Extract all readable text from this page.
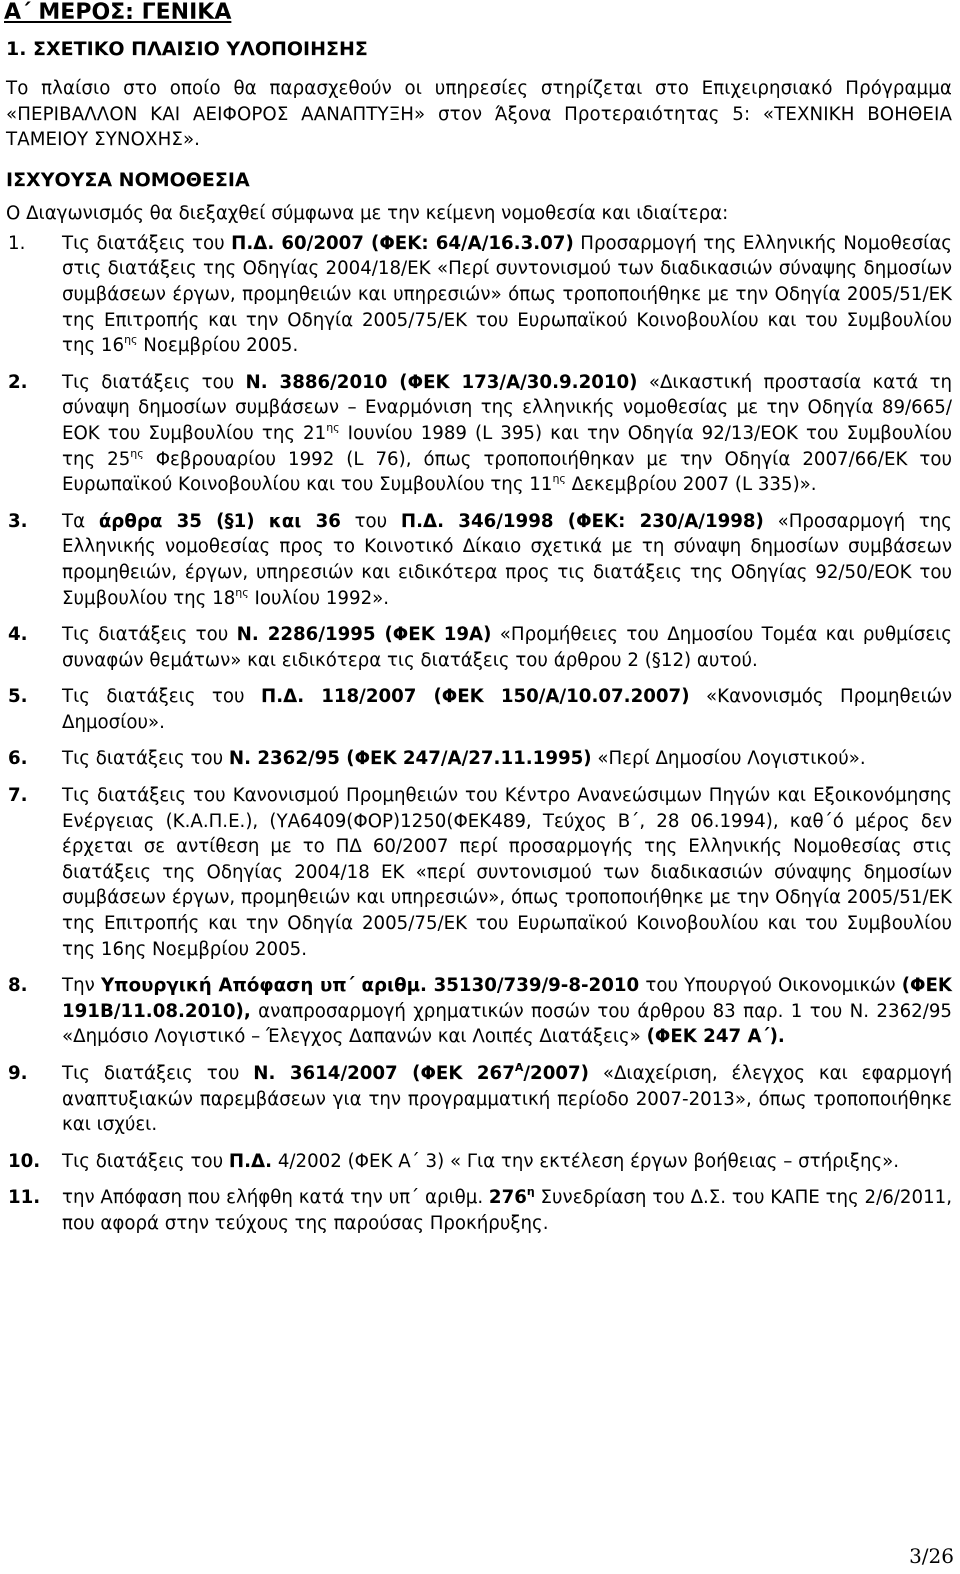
Α΄ ΜΕΡΟΣ: ΓΕΝΙΚΑ
1. ΣΧΕΤΙΚΟ ΠΛΑΙΣΙΟ ΥΛΟΠΟΙΗΣΗΣ

Το πλαίσιο στο οποίο θα παρασχεθούν οι υπηρεσίες στηρίζεται στο Επιχειρησιακό Πρόγραμμα «ΠΕΡΙΒΑΛΛΟΝ ΚΑΙ ΑΕΙΦΟΡΟΣ ΑΑΝΑΠΤΥΞΗ» στον Άξονα Προτεραιότητας 5: «ΤΕΧΝΙΚΗ ΒΟΗΘΕΙΑ ΤΑΜΕΙΟΥ ΣΥΝΟΧΗΣ».

ΙΣΧΥΟΥΣΑ ΝΟΜΟΘΕΣΙΑ

Ο Διαγωνισμός θα διεξαχθεί σύμφωνα με την κείμενη νομοθεσία και ιδιαίτερα:

1. Τις διατάξεις του Π.Δ. 60/2007 (ΦΕΚ: 64/Α/16.3.07) Προσαρμογή της Ελληνικής Νομοθεσίας στις διατάξεις της Οδηγίας 2004/18/ΕΚ «Περί συντονισμού των διαδικασιών σύναψης δημοσίων συμβάσεων έργων, προμηθειών και υπηρεσιών» όπως τροποποιήθηκε με την Οδηγία 2005/51/ΕΚ της Επιτροπής και την Οδηγία 2005/75/ΕΚ του Ευρωπαϊκού Κοινοβουλίου και του Συμβουλίου της $16^{\eta\varsigma}$ Νοεμβρίου 2005.
2. Τις διατάξεις του Ν. 3886/2010 (ΦΕΚ 173/Α/30.9.2010) «Δικαστική προστασία κατά τη σύναψη δημοσίων συμβάσεων – Εναρμόνιση της ελληνικής νομοθεσίας με την Οδηγία 89/665/ΕΟΚ του Συμβουλίου της $21^{\eta\varsigma}$ Ιουνίου 1989 (L 395) και την Οδηγία 92/13/ΕΟΚ του Συμβουλίου της $25^{\eta\varsigma}$ Φεβρουαρίου 1992 (L 76), όπως τροποποιήθηκαν με την Οδηγία 2007/66/ΕΚ του Ευρωπαϊκού Κοινοβουλίου και του Συμβουλίου της $11^{\eta\varsigma}$ Δεκεμβρίου 2007 (L 335)».
3. Τα άρθρα 35 (§1) και 36 του Π.Δ. 346/1998 (ΦΕΚ: 230/Α/1998) «Προσαρμογή της Ελληνικής νομοθεσίας προς το Κοινοτικό Δίκαιο σχετικά με τη σύναψη δημοσίων συμβάσεων προμηθειών, έργων, υπηρεσιών και ειδικότερα προς τις διατάξεις της Οδηγίας 92/50/ΕΟΚ του Συμβουλίου της $18^{\eta\varsigma}$ Ιουλίου 1992».
4. Τις διατάξεις του Ν. 2286/1995 (ΦΕΚ 19Α) «Προμήθειες του Δημοσίου Τομέα και ρυθμίσεις συναφών θεμάτων» και ειδικότερα τις διατάξεις του άρθρου 2 (§12) αυτού.
5. Τις διατάξεις του Π.Δ. 118/2007 (ΦΕΚ 150/Α/10.07.2007) «Κανονισμός Προμηθειών Δημοσίου».
6. Τις διατάξεις του Ν. 2362/95 (ΦΕΚ 247/Α/27.11.1995) «Περί Δημοσίου Λογιστικού».
7. Τις διατάξεις του Κανονισμού Προμηθειών του Κέντρο Ανανεώσιμων Πηγών και Εξοικονόμησης Ενέργειας (Κ.Α.Π.Ε.), (ΥΑ6409(ΦΟΡ)1250(ΦΕΚ489, Τεύχος Β΄, 28 06.1994), καθ΄ό μέρος δεν έρχεται σε αντίθεση με το ΠΔ 60/2007 περί προσαρμογής της Ελληνικής Νομοθεσίας στις διατάξεις της Οδηγίας 2004/18 ΕΚ «περί συντονισμού των διαδικασιών σύναψης δημοσίων συμβάσεων έργων, προμηθειών και υπηρεσιών», όπως τροποποιήθηκε με την Οδηγία 2005/51/ΕΚ της Επιτροπής και την Οδηγία 2005/75/ΕΚ του Ευρωπαϊκού Κοινοβουλίου και του Συμβουλίου της 16ης Νοεμβρίου 2005.
8. Την Υπουργική Απόφαση υπ΄ αριθμ. 35130/739/9-8-2010 του Υπουργού Οικονομικών (ΦΕΚ 191Β/11.08.2010), αναπροσαρμογή χρηματικών ποσών του άρθρου 83 παρ. 1 του Ν. 2362/95 «Δημόσιο Λογιστικό – Έλεγχος Δαπανών και Λοιπές Διατάξεις» (ΦΕΚ 247 Α΄).
9. Τις διατάξεις του Ν. 3614/2007 (ΦΕΚ $267^A/2007$) «Διαχείριση, έλεγχος και εφαρμογή αναπτυξιακών παρεμβάσεων για την προγραμματική περίοδο 2007-2013», όπως τροποποιήθηκε και ισχύει.
10. Τις διατάξεις του Π.Δ. 4/2002 (ΦΕΚ Α΄ 3) « Για την εκτέλεση έργων βοήθειας – στήριξης».
11. την Απόφαση που ελήφθη κατά την υπ΄ αριθμ. $276^\eta$ Συνεδρίαση του Δ.Σ. του ΚΑΠΕ της 2/6/2011, που αφορά στην τεύχους της παρούσας Προκήρυξης.
3/26
